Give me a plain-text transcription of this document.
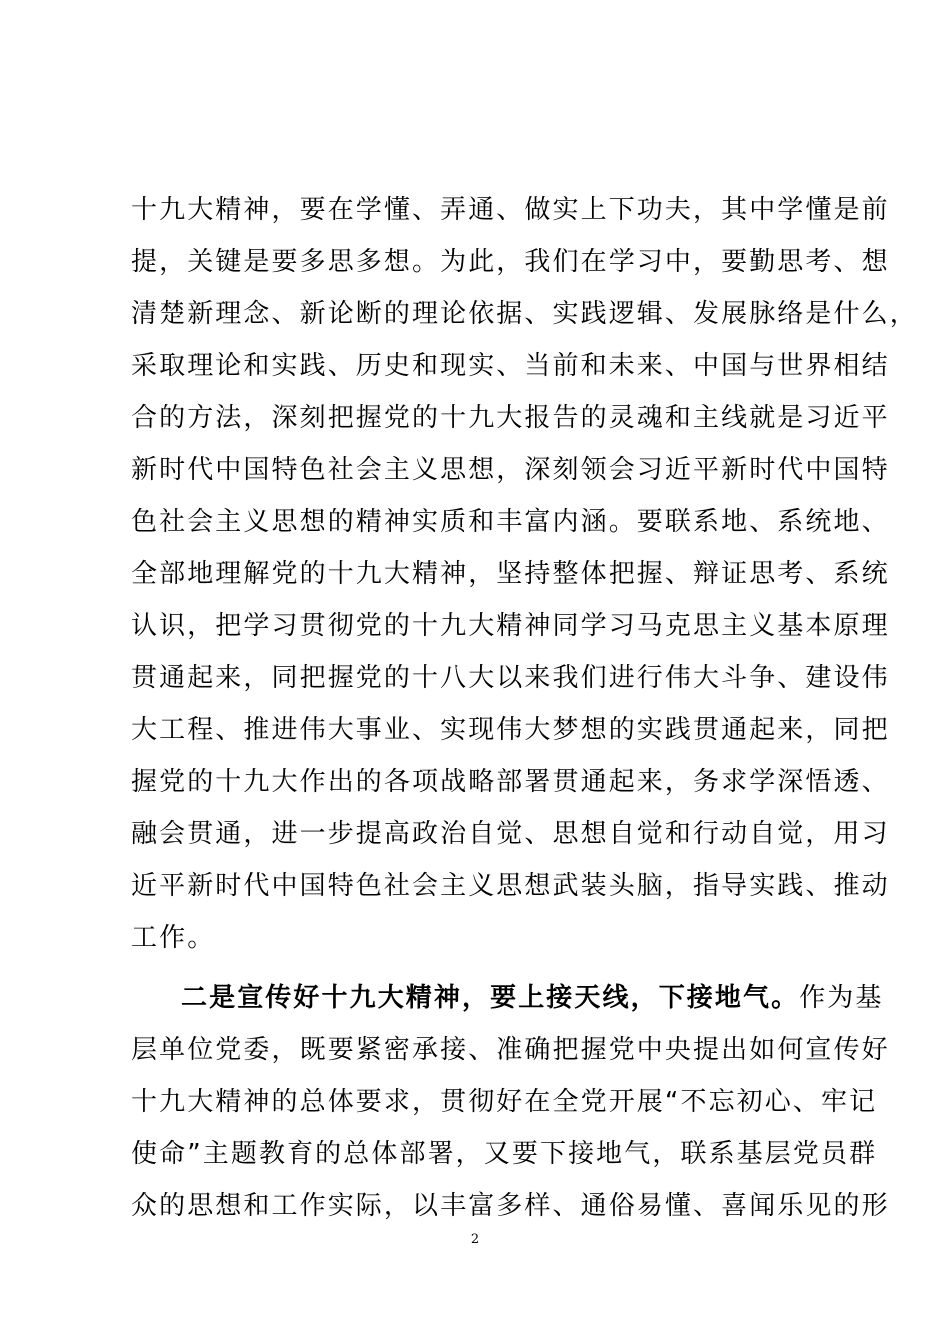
十九大精神，要在学懂、弄通、做实上下功夫，其中学懂是前
提，关键是要多思多想。为此，我们在学习中，要勤思考、想
清楚新理念、新论断的理论依据、实践逻辑、发展脉络是什么，
采取理论和实践、历史和现实、当前和未来、中国与世界相结
合的方法，深刻把握党的十九大报告的灵魂和主线就是习近平
新时代中国特色社会主义思想，深刻领会习近平新时代中国特
色社会主义思想的精神实质和丰富内涵。要联系地、系统地、
全部地理解党的十九大精神，坚持整体把握、辩证思考、系统
认识，把学习贯彻党的十九大精神同学习马克思主义基本原理
贯通起来，同把握党的十八大以来我们进行伟大斗争、建设伟
大工程、推进伟大事业、实现伟大梦想的实践贯通起来，同把
握党的十九大作出的各项战略部署贯通起来，务求学深悟透、
融会贯通，进一步提高政治自觉、思想自觉和行动自觉，用习
近平新时代中国特色社会主义思想武装头脑，指导实践、推动
工作。
二是宣传好十九大精神，要上接天线，下接地气。作为基
层单位党委，既要紧密承接、准确把握党中央提出如何宣传好
十九大精神的总体要求，贯彻好在全党开展“不忘初心、牢记
使命”主题教育的总体部署，又要下接地气，联系基层党员群
众的思想和工作实际，以丰富多样、通俗易懂、喜闻乐见的形
2
